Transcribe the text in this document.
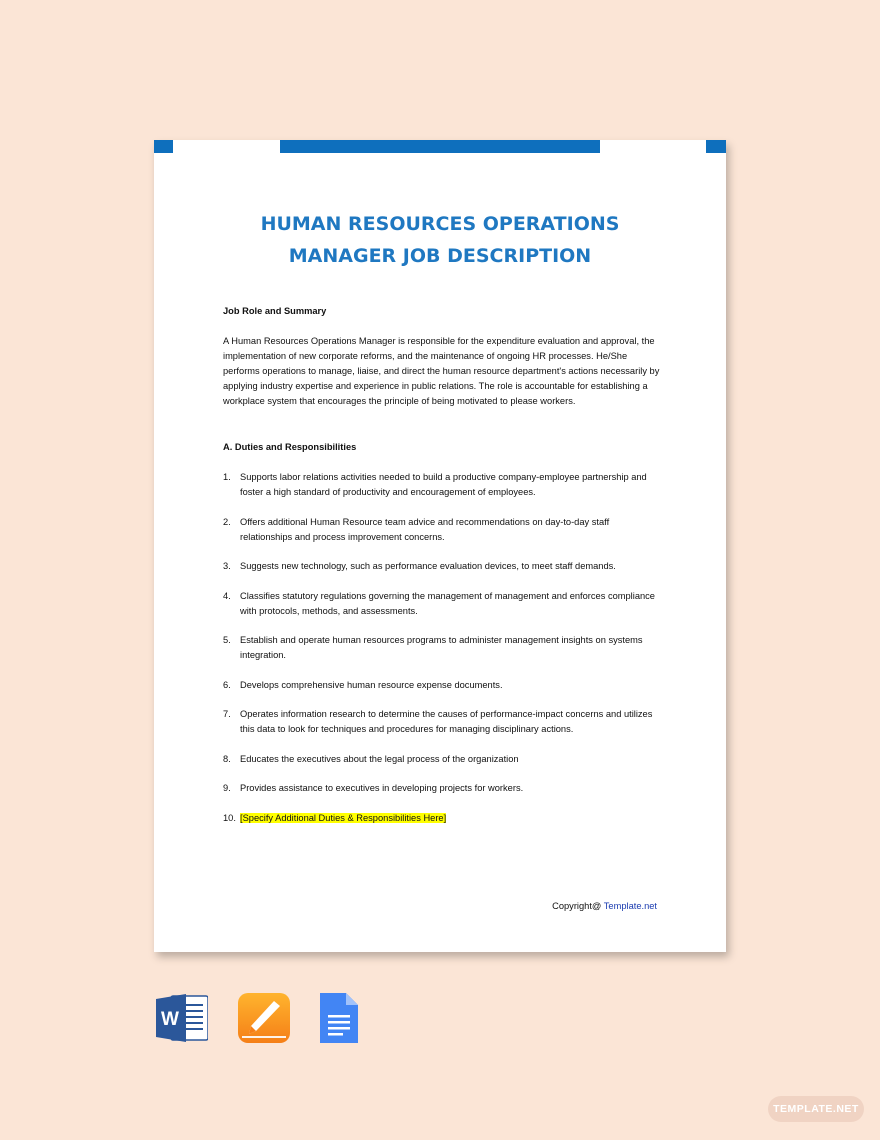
HUMAN RESOURCES OPERATIONS
MANAGER JOB DESCRIPTION

Job Role and Summary

A Human Resources Operations Manager is responsible for the expenditure evaluation and approval, the implementation of new corporate reforms, and the maintenance of ongoing HR processes. He/She performs operations to manage, liaise, and direct the human resource department's actions necessarily by applying industry expertise and experience in public relations. The role is accountable for establishing a workplace system that encourages the principle of being motivated to please workers.

A. Duties and Responsibilities

1. Supports labor relations activities needed to build a productive company-employee partnership and foster a high standard of productivity and encouragement of employees.
2. Offers additional Human Resource team advice and recommendations on day-to-day staff relationships and process improvement concerns.
3. Suggests new technology, such as performance evaluation devices, to meet staff demands.
4. Classifies statutory regulations governing the management of management and enforces compliance with protocols, methods, and assessments.
5. Establish and operate human resources programs to administer management insights on systems integration.
6. Develops comprehensive human resource expense documents.
7. Operates information research to determine the causes of performance-impact concerns and utilizes this data to look for techniques and procedures for managing disciplinary actions.
8. Educates the executives about the legal process of the organization
9. Provides assistance to executives in developing projects for workers.
10. [Specify Additional Duties & Responsibilities Here]
Copyright@ Template.net
W
TEMPLATE.NET
